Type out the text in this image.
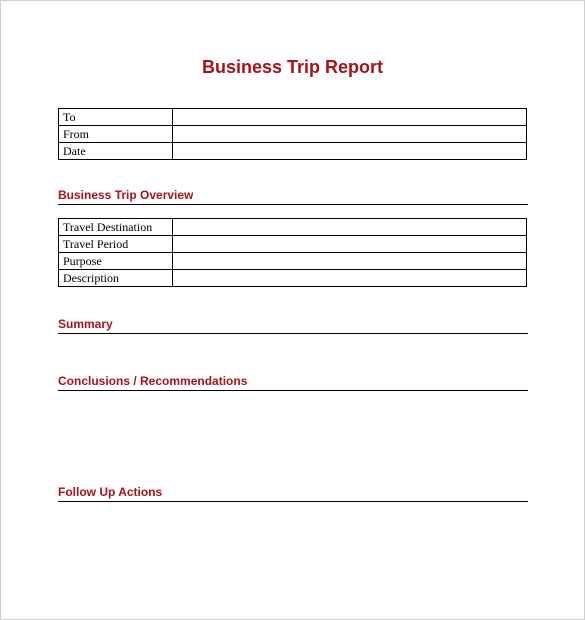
Business Trip Report
To	
From	
Date	
Business Trip Overview
Travel Destination	
Travel Period	
Purpose	
Description	
Summary
Conclusions / Recommendations
Follow Up Actions
